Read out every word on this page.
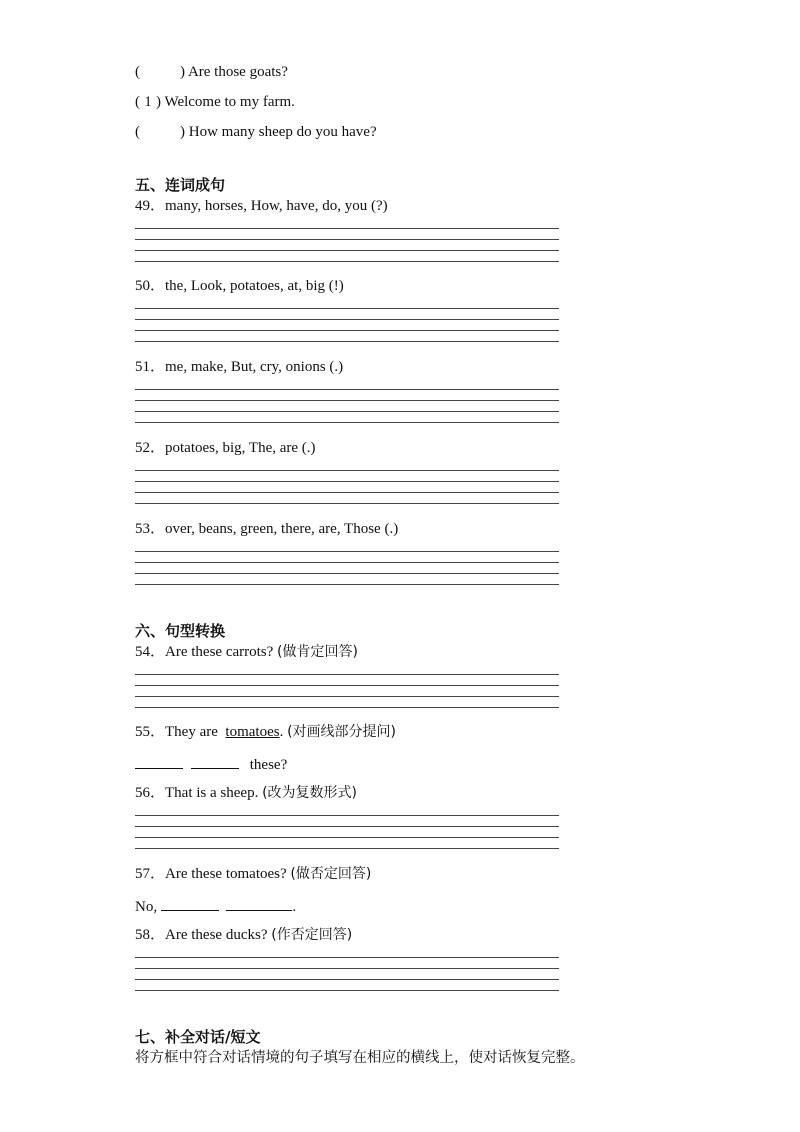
(	) Are those goats?
( 1 ) Welcome to my farm.
(	) How many sheep do you have?
五、连词成句
49．many, horses, How, have, do, you (?)
50．the, Look, potatoes, at, big (!)
51．me, make, But, cry, onions (.)
52．potatoes, big, The, are (.)
53．over, beans, green, there, are, Those (.)
六、句型转换
54．Are these carrots? (做肯定回答)
55．They are  tomatoes. (对画线部分提问)
these?
56．That is a sheep. (改为复数形式)
57．Are these tomatoes? (做否定回答)
No,	.
58．Are these ducks? (作否定回答)
七、补全对话/短文
将方框中符合对话情境的句子填写在相应的横线上，使对话恢复完整。
